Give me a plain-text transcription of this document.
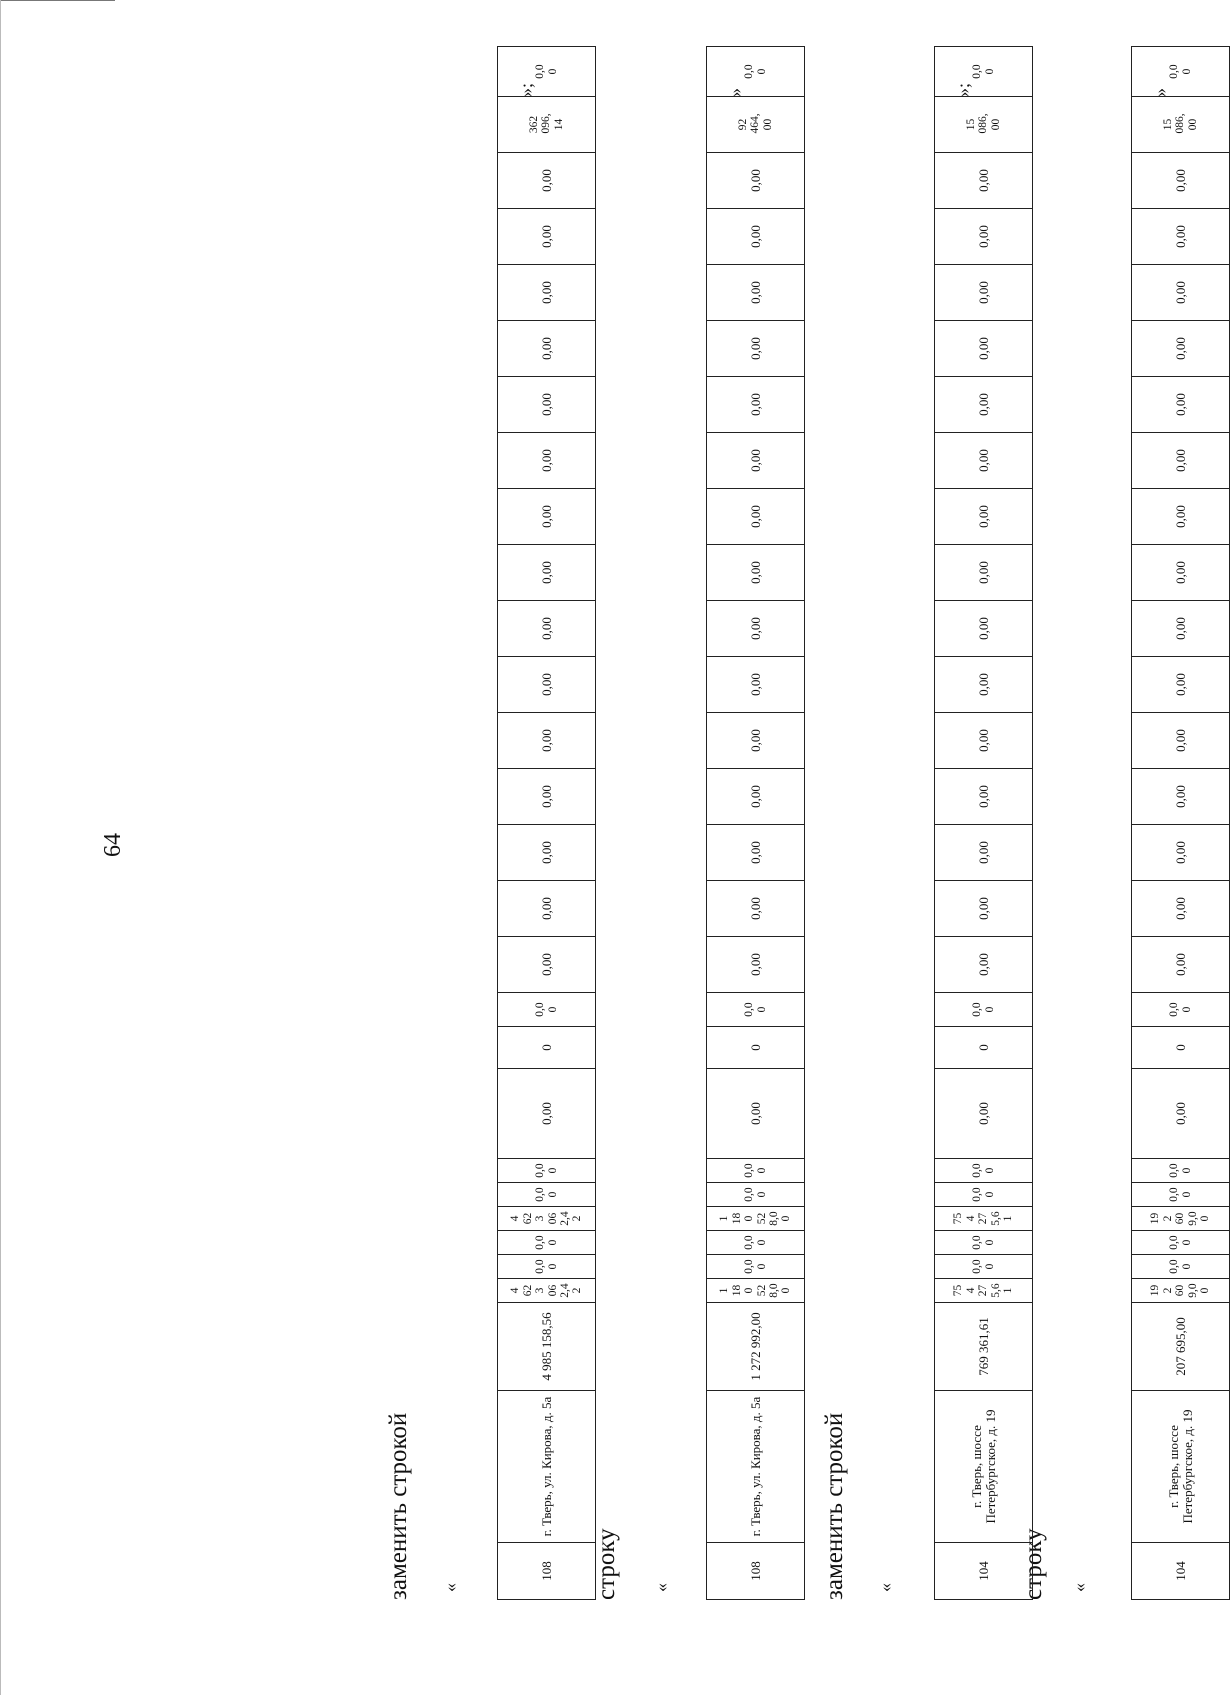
64
строку «
104	г. Тверь, шоссе Петербургское, д. 19	207 695,00	19 2 60 9,0 0	0,0 0	0,0 0	19 2 60 9,0 0	0,0 0	0,0 0	0,00	0	0,0 0	0,00	0,00	0,00	0,00	0,00	0,00	0,00	0,00	0,00	0,00	0,00	0,00	0,00	0,00	0,00	15 086, 00	0,0 0
»
заменить строкой «
104	г. Тверь, шоссе Петербургское, д. 19	769 361,61	75 4 27 5,6 1	0,0 0	0,0 0	75 4 27 5,6 1	0,0 0	0,0 0	0,00	0	0,0 0	0,00	0,00	0,00	0,00	0,00	0,00	0,00	0,00	0,00	0,00	0,00	0,00	0,00	0,00	0,00	15 086, 00	0,0 0
»;
строку «
108	г. Тверь, ул. Кирова, д. 5а	1 272 992,00	1 18 0 52 8,0 0	0,0 0	0,0 0	1 18 0 52 8,0 0	0,0 0	0,0 0	0,00	0	0,0 0	0,00	0,00	0,00	0,00	0,00	0,00	0,00	0,00	0,00	0,00	0,00	0,00	0,00	0,00	0,00	92 464, 00	0,0 0
»
заменить строкой «
108	г. Тверь, ул. Кирова, д. 5а	4 985 158,56	4 62 3 06 2,4 2	0,0 0	0,0 0	4 62 3 06 2,4 2	0,0 0	0,0 0	0,00	0	0,0 0	0,00	0,00	0,00	0,00	0,00	0,00	0,00	0,00	0,00	0,00	0,00	0,00	0,00	0,00	0,00	362 096, 14	0,0 0
»;
